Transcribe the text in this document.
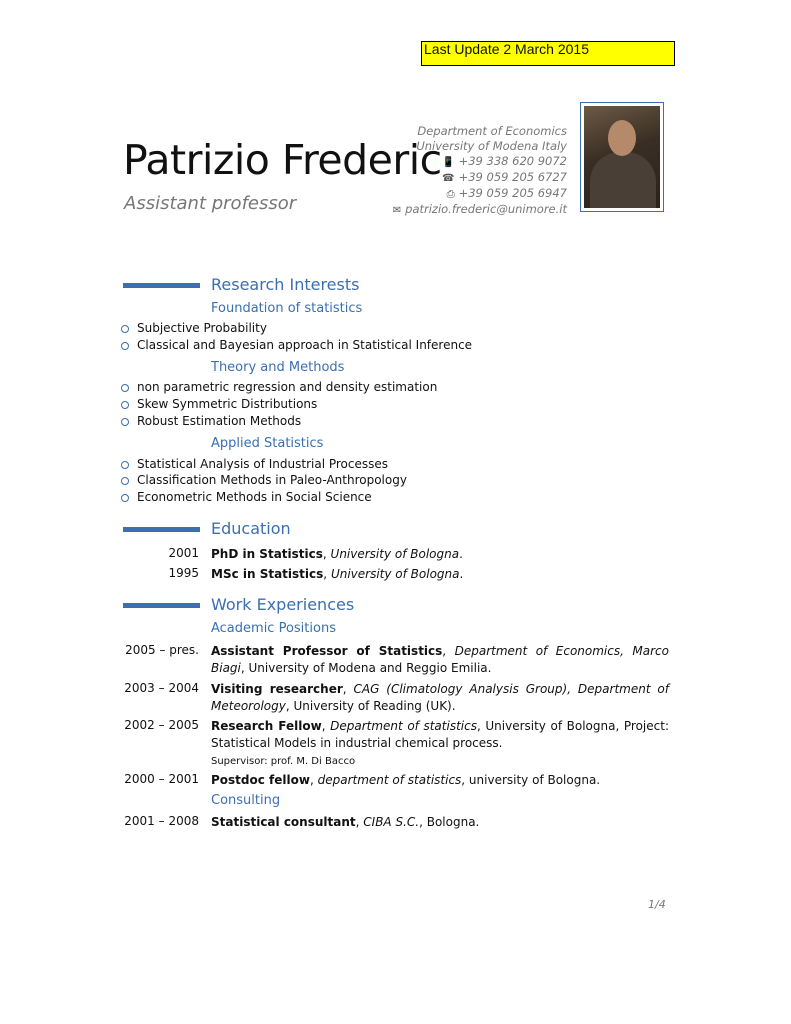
Last Update 2 March 2015
Patrizio Frederic
Assistant professor
Department of Economics
University of Modena Italy
📱 +39 338 620 9072
☎ +39 059 205 6727
⎙ +39 059 205 6947
✉ patrizio.frederic@unimore.it
Research Interests
Foundation of statistics
Subjective Probability
Classical and Bayesian approach in Statistical Inference
Theory and Methods
non parametric regression and density estimation
Skew Symmetric Distributions
Robust Estimation Methods
Applied Statistics
Statistical Analysis of Industrial Processes
Classification Methods in Paleo-Anthropology
Econometric Methods in Social Science
Education
2001 PhD in Statistics, University of Bologna.
1995 MSc in Statistics, University of Bologna.
Work Experiences
Academic Positions
2005 – pres. Assistant Professor of Statistics, Department of Economics, Marco Biagi, University of Modena and Reggio Emilia.
2003 – 2004 Visiting researcher, CAG (Climatology Analysis Group), Department of Meteorology, University of Reading (UK).
2002 – 2005 Research Fellow, Department of statistics, University of Bologna, Project: Statistical Models in industrial chemical process.
Supervisor: prof. M. Di Bacco
2000 – 2001 Postdoc fellow, department of statistics, university of Bologna.
Consulting
2001 – 2008 Statistical consultant, CIBA S.C., Bologna.
1/4
